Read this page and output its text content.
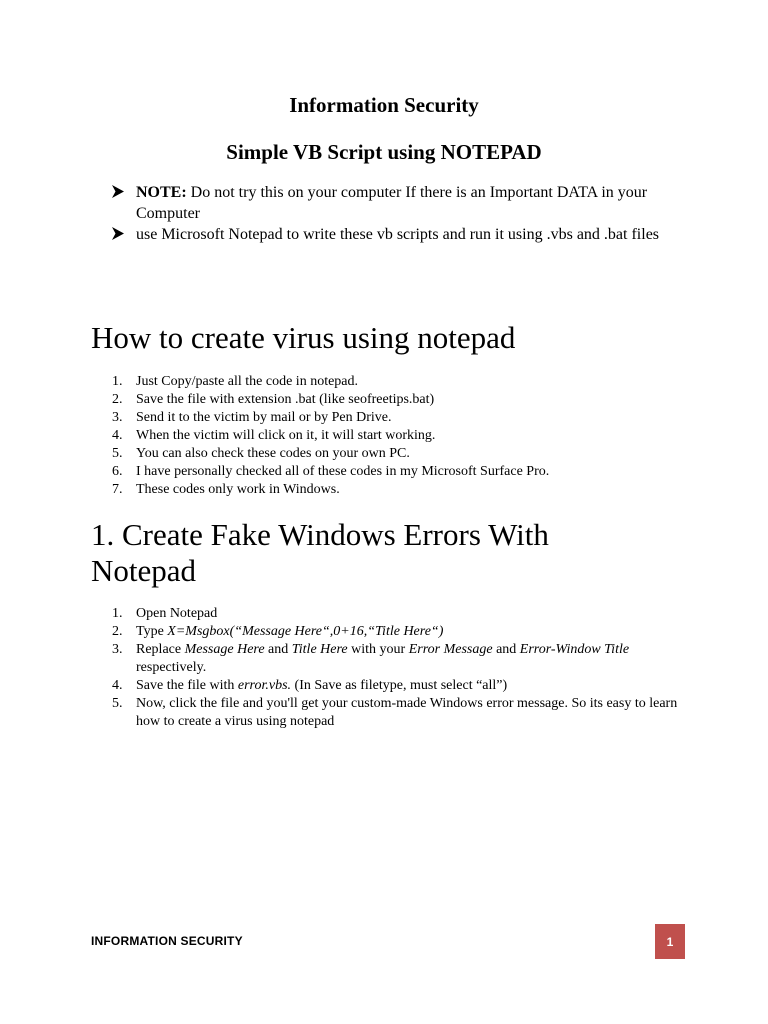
Information Security
Simple VB Script using NOTEPAD
NOTE: Do not try this on your computer If there is an Important DATA in your Computer
use Microsoft Notepad to write these vb scripts and run it using .vbs and .bat files
How to create virus using notepad
1. Just Copy/paste all the code in notepad.
2. Save the file with extension .bat (like seofreetips.bat)
3. Send it to the victim by mail or by Pen Drive.
4. When the victim will click on it, it will start working.
5. You can also check these codes on your own PC.
6. I have personally checked all of these codes in my Microsoft Surface Pro.
7. These codes only work in Windows.
1. Create Fake Windows Errors With Notepad
1. Open Notepad
2. Type X=Msgbox(“Message Here“,0+16,“Title Here“)
3. Replace Message Here and Title Here with your Error Message and Error-Window Title respectively.
4. Save the file with error.vbs. (In Save as filetype, must select “all”)
5. Now, click the file and you'll get your custom-made Windows error message. So its easy to learn how to create a virus using notepad
INFORMATION SECURITY	1
